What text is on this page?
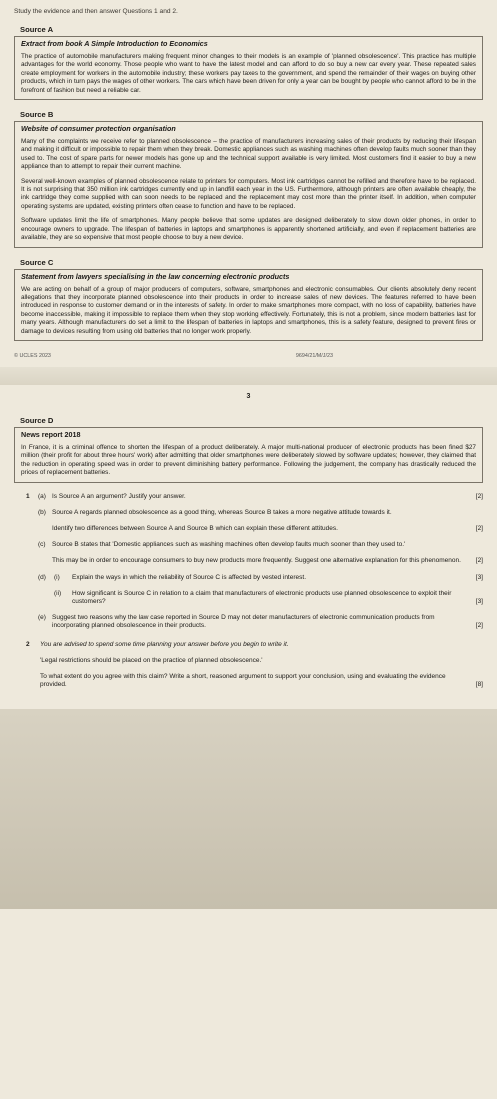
Study the evidence and then answer Questions 1 and 2.
Source A
Extract from book A Simple Introduction to Economics

The practice of automobile manufacturers making frequent minor changes to their models is an example of 'planned obsolescence'. This practice has multiple advantages for the world economy. Those people who want to have the latest model and can afford to do so buy a new car every year. These repeated sales create employment for workers in the automobile industry; these workers pay taxes to the government, and spend the remainder of their wages on buying other products, which in turn pays the wages of other workers. The cars which have been driven for only a year can be bought by people who cannot afford to be in the forefront of fashion but need a reliable car.

Source B
Website of consumer protection organisation

Many of the complaints we receive refer to planned obsolescence – the practice of manufacturers increasing sales of their products by reducing their lifespan and making it difficult or impossible to repair them when they break. Domestic appliances such as washing machines often develop faults much sooner than they used to. The cost of spare parts for newer models has gone up and the technical support available is very limited. Most customers find it easier to buy a new appliance than to attempt to repair their current machine.

Several well-known examples of planned obsolescence relate to printers for computers. Most ink cartridges cannot be refilled and therefore have to be replaced. It is not surprising that 350 million ink cartridges currently end up in landfill each year in the US. Furthermore, although printers are often available cheaply, the ink cartridge they come supplied with can soon needs to be replaced and the replacement may cost more than the printer itself. In addition, when computer operating systems are updated, existing printers often cease to function and have to be replaced.

Software updates limit the life of smartphones. Many people believe that some updates are designed deliberately to slow down older phones, in order to encourage owners to upgrade. The lifespan of batteries in laptops and smartphones is apparently shortened artificially, and even if replacement batteries are available, they are so expensive that most people choose to buy a new device.

Source C
Statement from lawyers specialising in the law concerning electronic products

We are acting on behalf of a group of major producers of computers, software, smartphones and electronic consumables. Our clients absolutely deny recent allegations that they incorporate planned obsolescence into their products in order to increase sales of new devices. The features referred to have been introduced in response to customer demand or in the interests of safety. In order to make smartphones more compact, with no loss of capability, batteries have become inaccessible, making it impossible to replace them when they stop working effectively. Fortunately, this is not a problem, since modern batteries last for many years. Although manufacturers do set a limit to the lifespan of batteries in laptops and smartphones, this is a safety feature, designed to prevent fires or damage to devices resulting from using old batteries that no longer work properly.

© UCLES 2023	9694/21/M/J/23
3
Source D
News report 2018

In France, it is a criminal offence to shorten the lifespan of a product deliberately. A major multi-national producer of electronic products has been fined $27 million (their profit for about three hours' work) after admitting that older smartphones were deliberately slowed by software updates; however, they claimed that the reduction in operating speed was in order to prevent diminishing battery performance. Following the judgement, the company has drastically reduced the prices of replacement batteries.

1 (a) Is Source A an argument? Justify your answer.	[2]
(b) Source A regards planned obsolescence as a good thing, whereas Source B takes a more negative attitude towards it.
Identify two differences between Source A and Source B which can explain these different attitudes.	[2]
(c) Source B states that 'Domestic appliances such as washing machines often develop faults much sooner than they used to.'
This may be in order to encourage consumers to buy new products more frequently. Suggest one alternative explanation for this phenomenon. [2]
(d) (i) Explain the ways in which the reliability of Source C is affected by vested interest.	[3]
(ii) How significant is Source C in relation to a claim that manufacturers of electronic products use planned obsolescence to exploit their customers?	[3]
(e) Suggest two reasons why the law case reported in Source D may not deter manufacturers of electronic communication products from incorporating planned obsolescence in their products.	[2]
2 You are advised to spend some time planning your answer before you begin to write it.
'Legal restrictions should be placed on the practice of planned obsolescence.'
To what extent do you agree with this claim? Write a short, reasoned argument to support your conclusion, using and evaluating the evidence provided.	[8]
